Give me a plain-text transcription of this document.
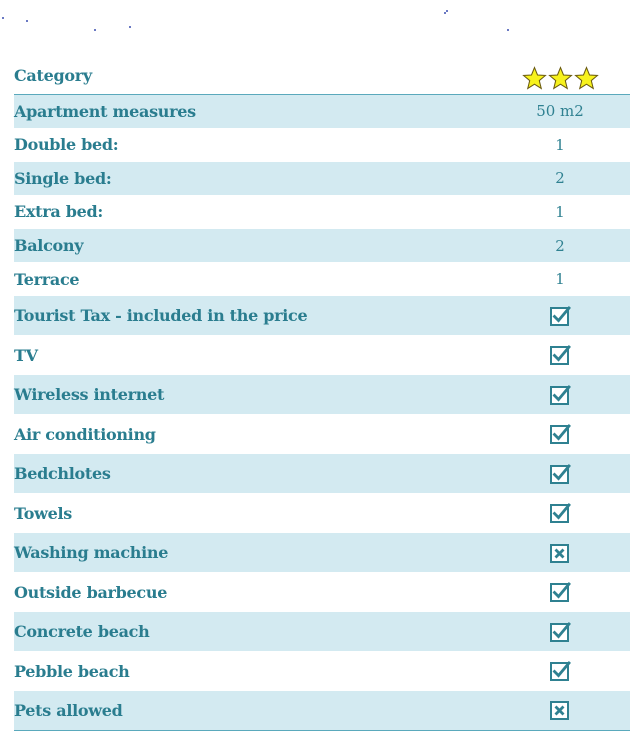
Category	

Apartment measures	50 m2
Double bed:	1
Single bed:	2
Extra bed:	1
Balcony	2
Terrace	1
Tourist Tax - included in the price	
TV	
Wireless internet	
Air conditioning	
Bedchlotes	
Towels	
Washing machine	
Outside barbecue	
Concrete beach	
Pebble beach	
Pets allowed	
